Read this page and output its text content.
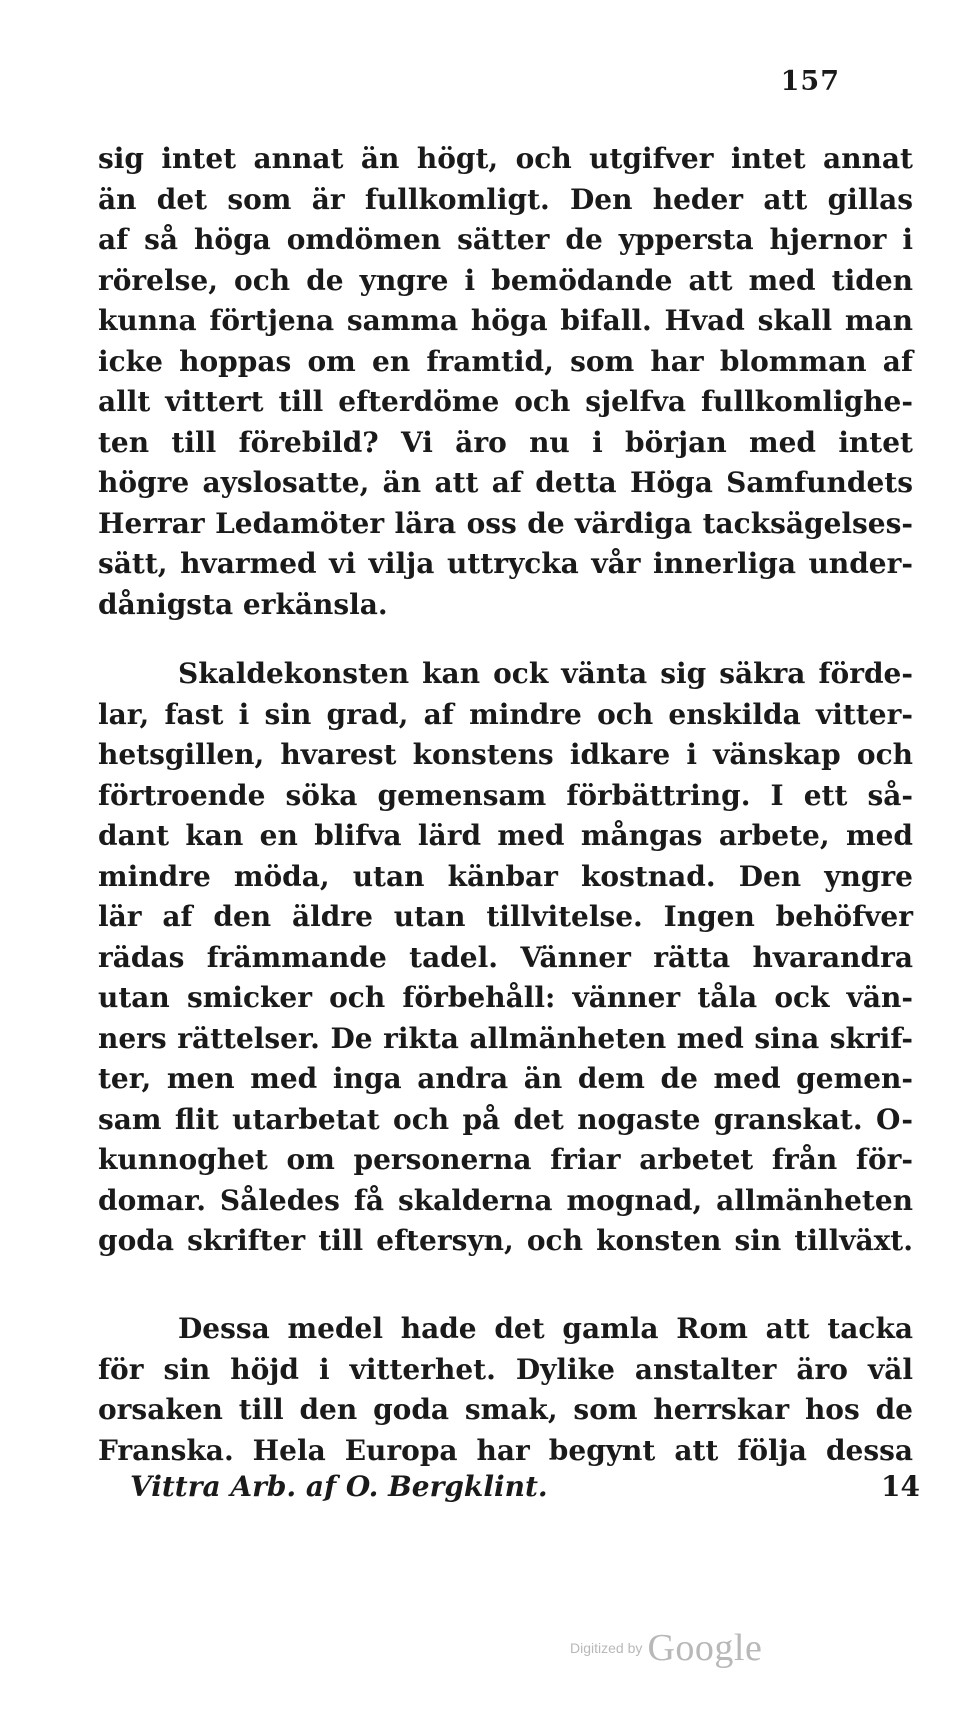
157
sig intet annat än högt, och utgifver intet annat
än det som är fullkomligt. Den heder att gillas
af så höga omdömen sätter de yppersta hjernor i
rörelse, och de yngre i bemödande att med tiden
kunna förtjena samma höga bifall. Hvad skall man
icke hoppas om en framtid, som har blomman af
allt vittert till efterdöme och sjelfva fullkomlighe-
ten till förebild? Vi äro nu i början med intet
högre ayslosatte, än att af detta Höga Samfundets
Herrar Ledamöter lära oss de värdiga tacksägelses-
sätt, hvarmed vi vilja uttrycka vår innerliga under-
dånigsta erkänsla.
Skaldekonsten kan ock vänta sig säkra förde-
lar, fast i sin grad, af mindre och enskilda vitter-
hetsgillen, hvarest konstens idkare i vänskap och
förtroende söka gemensam förbättring. I ett så-
dant kan en blifva lärd med mångas arbete, med
mindre möda, utan känbar kostnad. Den yngre
lär af den äldre utan tillvitelse. Ingen behöfver
rädas främmande tadel. Vänner rätta hvarandra
utan smicker och förbehåll: vänner tåla ock vän-
ners rättelser. De rikta allmänheten med sina skrif-
ter, men med inga andra än dem de med gemen-
sam flit utarbetat och på det nogaste granskat. O-
kunnoghet om personerna friar arbetet från för-
domar. Således få skalderna mognad, allmänheten
goda skrifter till eftersyn, och konsten sin tillväxt.
Dessa medel hade det gamla Rom att tacka
för sin höjd i vitterhet. Dylike anstalter äro väl
orsaken till den goda smak, som herrskar hos de
Franska. Hela Europa har begynt att följa dessa
Vittra Arb. af O. Bergklint.	14
Digitized by Google
